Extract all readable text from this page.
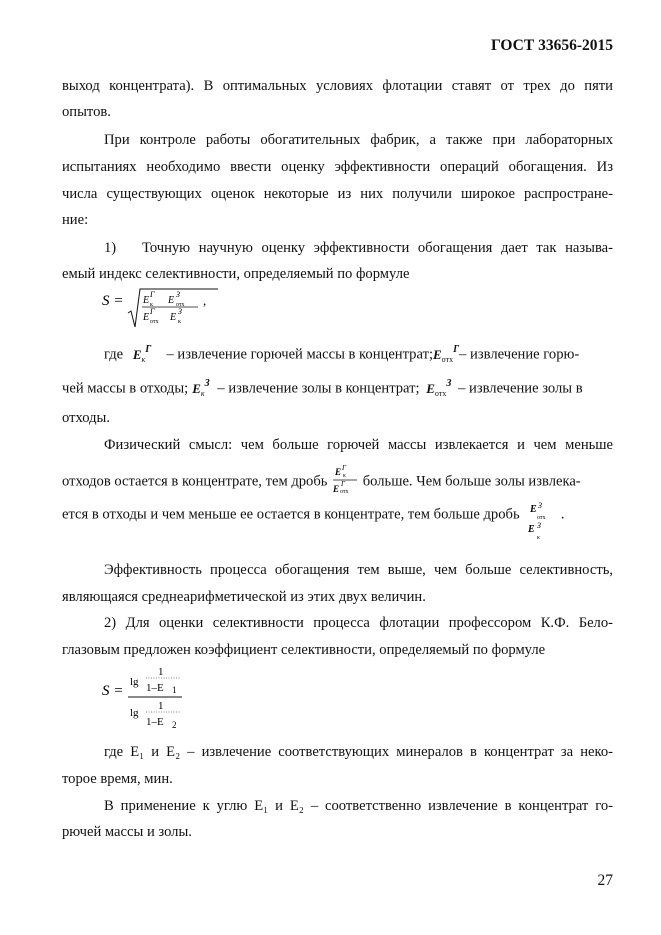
ГОСТ 33656-2015
выход концентрата). В оптимальных условиях флотации ставят от трех до пяти
опытов.
При контроле работы обогатительных фабрик, а также при лабораторных
испытаниях необходимо ввести оценку эффективности операций обогащения. Из
числа существующих оценок некоторые из них получили широкое распростране-
ние:
1)	Точную научную оценку эффективности обогащения дает так называ-
емый индекс селективности, определяемый по формуле
S = E
Г
к E
З
отх
E
Г
отх E
З
к
,
где $E_к^Г$ – извлечение горючей массы в $концентрат;E_{отх}^Г-$ извлечение горю-
чей массы в отходы; $E_к^З$ – извлечение золы в концентрат; $E_{отх}^З$ – извлечение золы в
отходы.
Физический смысл: чем больше горючей массы извлекается и чем меньше
отходов остается в концентрате, тем дробь
E Г
к
E Г
отх
больше. Чем больше золы извлека-
ется в отходы и чем меньше ее остается в концентрате, тем больше дробь E З
отх
E З
к
.
Эффективность процесса обогащения тем выше, чем больше селективность,
являющаяся среднеарифметической из этих двух величин.
2) Для оценки селективности процесса флотации профессором К.Ф. Бело-
глазовым предложен коэффициент селективности, определяемый по формуле
S =
lg
1
1–E 1
lg
1
1–E 2
где E₁ и E₂ – извлечение соответствующих минералов в концентрат за неко-
торое время, мин.
В применение к углю E₁ и E₂ – соответственно извлечение в концентрат го-
рючей массы и золы.
27
